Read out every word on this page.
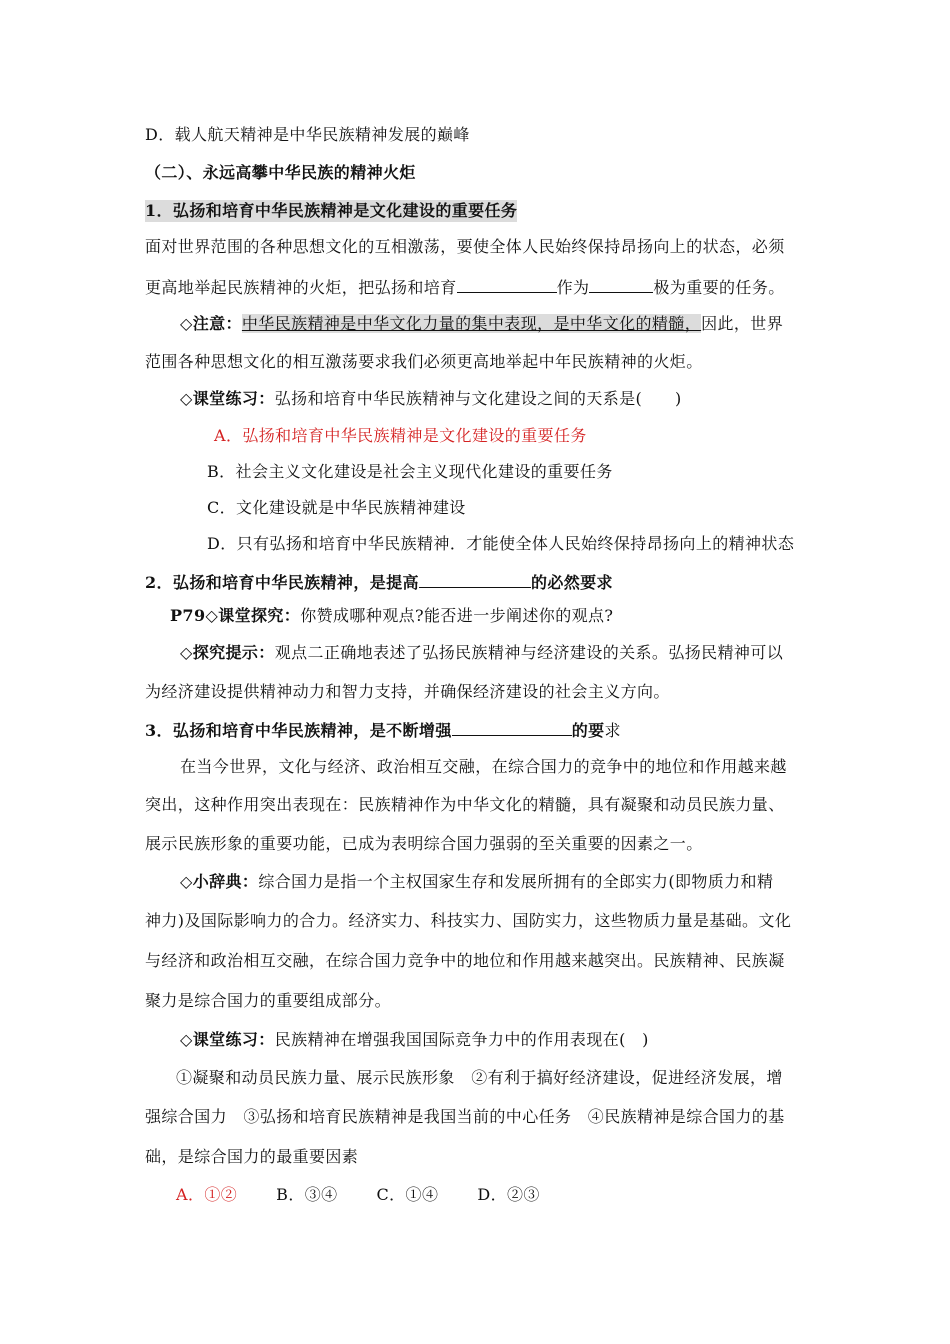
D．载人航天精神是中华民族精神发展的巅峰
（二）、永远高攀中华民族的精神火炬
1．弘扬和培育中华民族精神是文化建设的重要任务
面对世界范围的各种思想文化的互相激荡，要使全体人民始终保持昂扬向上的状态，必须
更高地举起民族精神的火炬，把弘扬和培育	作为	极为重要的任务。
◇注意：中华民族精神是中华文化力量的集中表现，是中华文化的精髓，因此，世界
范围各种思想文化的相互激荡要求我们必须更高地举起中年民族精神的火炬。
◇课堂练习：弘扬和培育中华民族精神与文化建设之间的天系是(　　)
A．弘扬和培育中华民族精神是文化建设的重要任务
B．社会主义文化建设是社会主义现代化建设的重要任务
C．文化建设就是中华民族精神建设
D．只有弘扬和培育中华民族精神．才能使全体人民始终保持昂扬向上的精神状态
2．弘扬和培育中华民族精神，是提高	的必然要求
P79◇课堂探究：你赞成哪种观点?能否进一步阐述你的观点?
◇探究提示：观点二正确地表述了弘扬民族精神与经济建设的关系。弘扬民精神可以
为经济建设提供精神动力和智力支持，并确保经济建设的社会主义方向。
3．弘扬和培育中华民族精神，是不断增强	的要求
在当今世界，文化与经济、政治相互交融，在综合国力的竞争中的地位和作用越来越
突出，这种作用突出表现在：民族精神作为中华文化的精髓，具有凝聚和动员民族力量、
展示民族形象的重要功能，已成为表明综合国力强弱的至关重要的因素之一。
◇小辞典：综合国力是指一个主权国家生存和发展所拥有的全郎实力(即物质力和精
神力)及国际影响力的合力。经济实力、科技实力、国防实力，这些物质力量是基础。文化
与经济和政治相互交融，在综合国力竞争中的地位和作用越来越突出。民族精神、民族凝
聚力是综合国力的重要组成部分。
◇课堂练习：民族精神在增强我国国际竞争力中的作用表现在(　)
①凝聚和动员民族力量、展示民族形象　②有利于搞好经济建设，促进经济发展，增
强综合国力　③弘扬和培育民族精神是我国当前的中心任务　④民族精神是综合国力的基
础，是综合国力的最重要因素
A．①② B．③④ C．①④ D．②③
